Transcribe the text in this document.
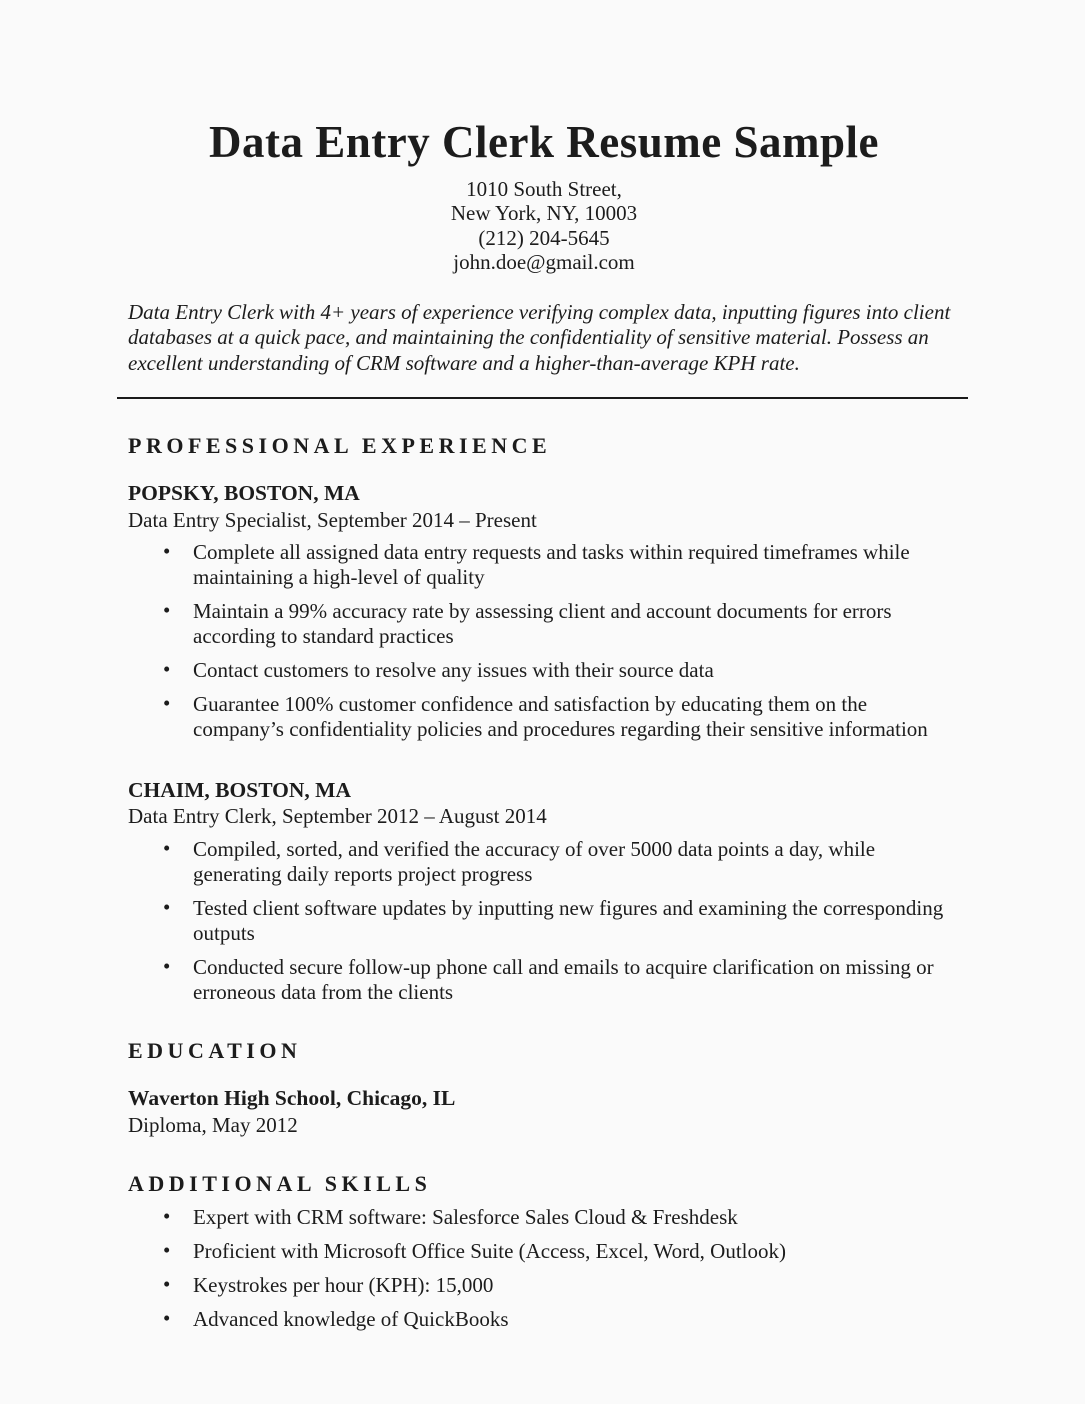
Data Entry Clerk Resume Sample
1010 South Street,
New York, NY, 10003
(212) 204-5645
john.doe@gmail.com

Data Entry Clerk with 4+ years of experience verifying complex data, inputting figures into client databases at a quick pace, and maintaining the confidentiality of sensitive material. Possess an excellent understanding of CRM software and a higher-than-average KPH rate.

PROFESSIONAL EXPERIENCE
POPSKY, BOSTON, MA
Data Entry Specialist, September 2014 – Present
• Complete all assigned data entry requests and tasks within required timeframes while maintaining a high-level of quality
• Maintain a 99% accuracy rate by assessing client and account documents for errors according to standard practices
• Contact customers to resolve any issues with their source data
• Guarantee 100% customer confidence and satisfaction by educating them on the company’s confidentiality policies and procedures regarding their sensitive information
CHAIM, BOSTON, MA
Data Entry Clerk, September 2012 – August 2014
• Compiled, sorted, and verified the accuracy of over 5000 data points a day, while generating daily reports project progress
• Tested client software updates by inputting new figures and examining the corresponding outputs
• Conducted secure follow-up phone call and emails to acquire clarification on missing or erroneous data from the clients
EDUCATION
Waverton High School, Chicago, IL
Diploma, May 2012
ADDITIONAL SKILLS
• Expert with CRM software: Salesforce Sales Cloud & Freshdesk
• Proficient with Microsoft Office Suite (Access, Excel, Word, Outlook)
• Keystrokes per hour (KPH): 15,000
• Advanced knowledge of QuickBooks
